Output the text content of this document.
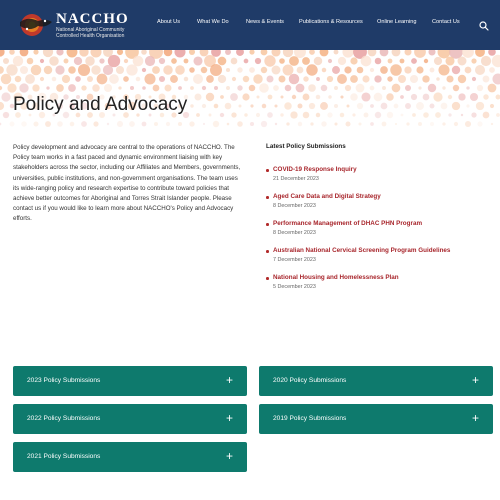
NACCHO
National Aboriginal Community
Controlled Health Organisation
About Us	What We Do	News & Events	Publications & Resources	Online Learning	Contact Us
Policy and Advocacy

Policy development and advocacy are central to the operations of NACCHO. The Policy team works in a fast paced and dynamic environment liaising with key stakeholders across the sector, including our Affiliates and Members, governments, universities, public institutions, and non-government organisations. The team uses its wide-ranging policy and research expertise to contribute toward policies that achieve better outcomes for Aboriginal and Torres Strait Islander people. Please contact us if you would like to learn more about NACCHO's Policy and Advocacy efforts.

Latest Policy Submissions
COVID-19 Response Inquiry
21 December 2023
Aged Care Data and Digital Strategy
8 December 2023
Performance Management of DHAC PHN Program
8 December 2023
Australian National Cervical Screening Program Guidelines
7 December 2023
National Housing and Homelessness Plan
5 December 2023
2023 Policy Submissions	+
2022 Policy Submissions	+
2021 Policy Submissions	+
2020 Policy Submissions	+
2019 Policy Submissions	+
